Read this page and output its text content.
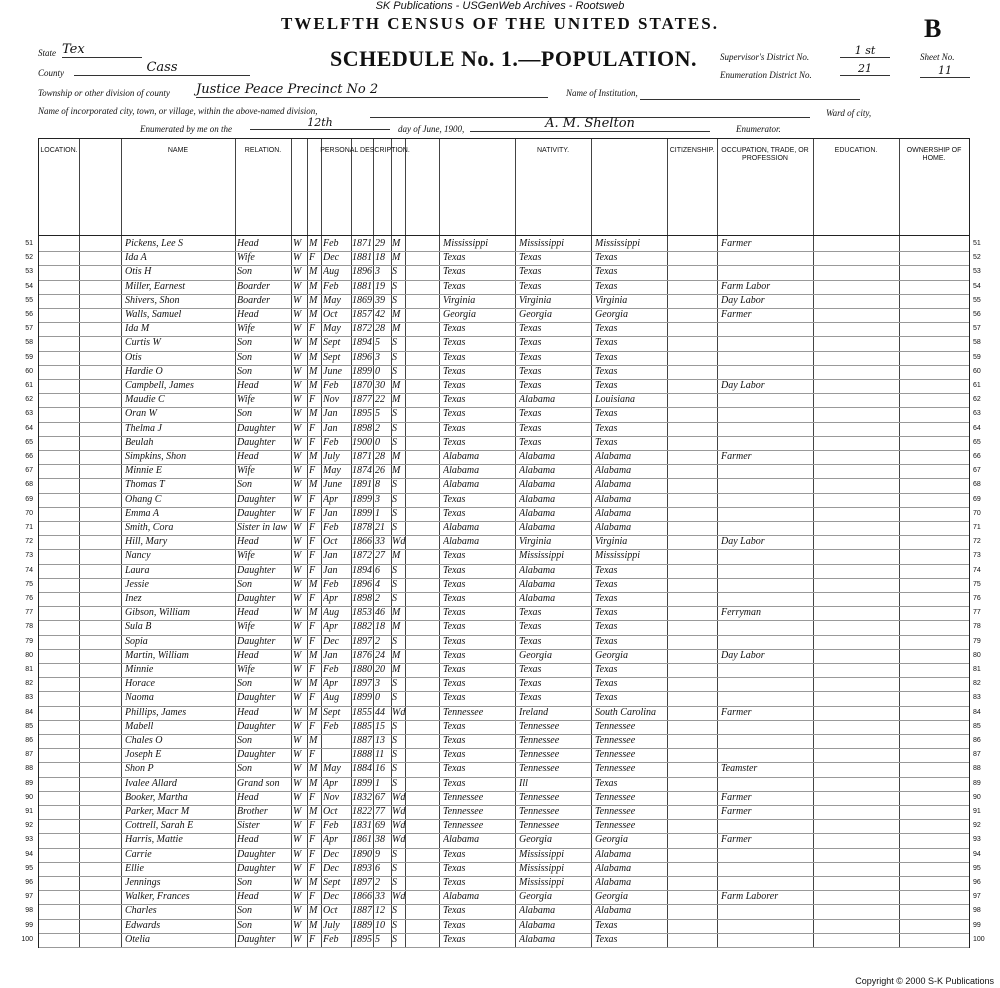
SK Publications - USGenWeb Archives - Rootsweb
TWELFTH CENSUS OF THE UNITED STATES.	B
SCHEDULE No. 1.—POPULATION.
State Tex
County	Cass
Township or other division of county Justice Peace Precinct No 2	Name of Institution,
Name of incorporated city, town, or village, within the above-named division,	Ward of city,
Enumerated by me on the	12th	day of June, 1900,	A. M. Shelton	Enumerator.
Supervisor's District No.	1 st
Enumeration District No.	21
Sheet No.
11
LOCATION.	NAME	RELATION.	PERSONAL DESCRIPTION.	NATIVITY.	CITIZENSHIP. OCCUPATION, TRADE, OR PROFESSION
EDUCATION.	OWNERSHIP OF HOME.
51	51
Pickens, Lee S	Head	W M Feb	1871 29 M	Mississippi	Mississippi	Mississippi	Farmer
52	52
Ida A	Wife	W F Dec	1881 18 M	Texas	Texas	Texas
53	53
Otis H	Son	W M Aug	1896 3	S	Texas	Texas	Texas
54	54
Miller, Earnest	Boarder	W M Feb	1881 19 S	Texas	Texas	Texas	Farm Labor
55	55
Shivers, Shon	Boarder	W M May	1869 39 S	Virginia	Virginia	Virginia	Day Labor
56	56
Walls, Samuel	Head	W M Oct	1857 42 M	Georgia	Georgia	Georgia	Farmer
57	57
Ida M	Wife	W F May	1872 28 M	Texas	Texas	Texas
58	58
Curtis W	Son	W M Sept	1894 5	S	Texas	Texas	Texas
59	59
Otis	Son	W M Sept	1896 3	S	Texas	Texas	Texas
60	60
Hardie O	Son	W M June	1899 0	S	Texas	Texas	Texas
61	61
Campbell, James	Head	W M Feb	1870 30 M	Texas	Texas	Texas	Day Labor
62	62
Maudie C	Wife	W F Nov	1877 22 M	Texas	Alabama	Louisiana
63	63
Oran W	Son	W M Jan	1895 5	S	Texas	Texas	Texas
64	64
Thelma J	Daughter	W F Jan	1898 2	S	Texas	Texas	Texas
65	65
Beulah	Daughter	W F Feb	1900 0	S	Texas	Texas	Texas
66	66
Simpkins, Shon	Head	W M July	1871 28 M	Alabama	Alabama	Alabama	Farmer
67	67
Minnie E	Wife	W F May	1874 26 M	Alabama	Alabama	Alabama
68	68
Thomas T	Son	W M June	1891 8	S	Alabama	Alabama	Alabama
69	69
Ohang C	Daughter	W F Apr	1899 3	S	Texas	Alabama	Alabama
70	70
Emma A	Daughter	W F Jan	1899 1	S	Texas	Alabama	Alabama
71	71
Smith, Cora	Sister in law W F Feb	1878 21 S	Alabama	Alabama	Alabama
72	72
Hill, Mary	Head	W F Oct	1866 33 Wd	Alabama	Virginia	Virginia	Day Labor
73	73
Nancy	Wife	W F Jan	1872 27 M	Texas	Mississippi	Mississippi
74	74
Laura	Daughter	W F Jan	1894 6	S	Texas	Alabama	Texas
75	75
Jessie	Son	W M Feb	1896 4	S	Texas	Alabama	Texas
76	76
Inez	Daughter	W F Apr	1898 2	S	Texas	Alabama	Texas
77	77
Gibson, William	Head	W M Aug	1853 46 M	Texas	Texas	Texas	Ferryman
78	78
Sula B	Wife	W F Apr	1882 18 M	Texas	Texas	Texas
79	79
Sopia	Daughter	W F Dec	1897 2	S	Texas	Texas	Texas
80	80
Martin, William	Head	W M Jan	1876 24 M	Texas	Georgia	Georgia	Day Labor
81	81
Minnie	Wife	W F Feb	1880 20 M	Texas	Texas	Texas
82	82
Horace	Son	W M Apr	1897 3	S	Texas	Texas	Texas
83	83
Naoma	Daughter	W F Aug	1899 0	S	Texas	Texas	Texas
84	84
Phillips, James	Head	W M Sept	1855 44 Wd	Tennessee	Ireland	South Carolina	Farmer
85	85
Mabell	Daughter	W F Feb	1885 15 S	Texas	Tennessee	Tennessee
86	86
Chales O	Son	W M	1887 13 S	Texas	Tennessee	Tennessee
87	87
Joseph E	Daughter	W F	1888 11 S	Texas	Tennessee	Tennessee
88	88
Shon P	Son	W M May	1884 16 S	Texas	Tennessee	Tennessee	Teamster
89	89
Ivalee Allard	Grand son	W M Apr	1899 1	S	Texas	Ill	Texas
90	90
Booker, Martha	Head	W F Nov	1832 67 Wd	Tennessee	Tennessee	Tennessee	Farmer
91	91
Parker, Macr M	Brother	W M Oct	1822 77 Wd	Tennessee	Tennessee	Tennessee	Farmer
92	92
Cottrell, Sarah E	Sister	W F Feb	1831 69 Wd	Tennessee	Tennessee	Tennessee
93	93
Harris, Mattie	Head	W F Apr	1861 38 Wd	Alabama	Georgia	Georgia	Farmer
94	94
Carrie	Daughter	W F Dec	1890 9	S	Texas	Mississippi	Alabama
95	95
Ellie	Daughter	W F Dec	1893 6	S	Texas	Mississippi	Alabama
96	96
Jennings	Son	W M Sept	1897 2	S	Texas	Mississippi	Alabama
97	97
Walker, Frances	Head	W F Dec	1866 33 Wd	Alabama	Georgia	Georgia	Farm Laborer
98	98
Charles	Son	W M Oct	1887 12 S	Texas	Alabama	Alabama
99	99
Edwards	Son	W M July	1889 10 S	Texas	Alabama	Texas
100	100
Otelia	Daughter	W F Feb	1895 5	S	Texas	Alabama	Texas
Copyright © 2000 S-K Publications
